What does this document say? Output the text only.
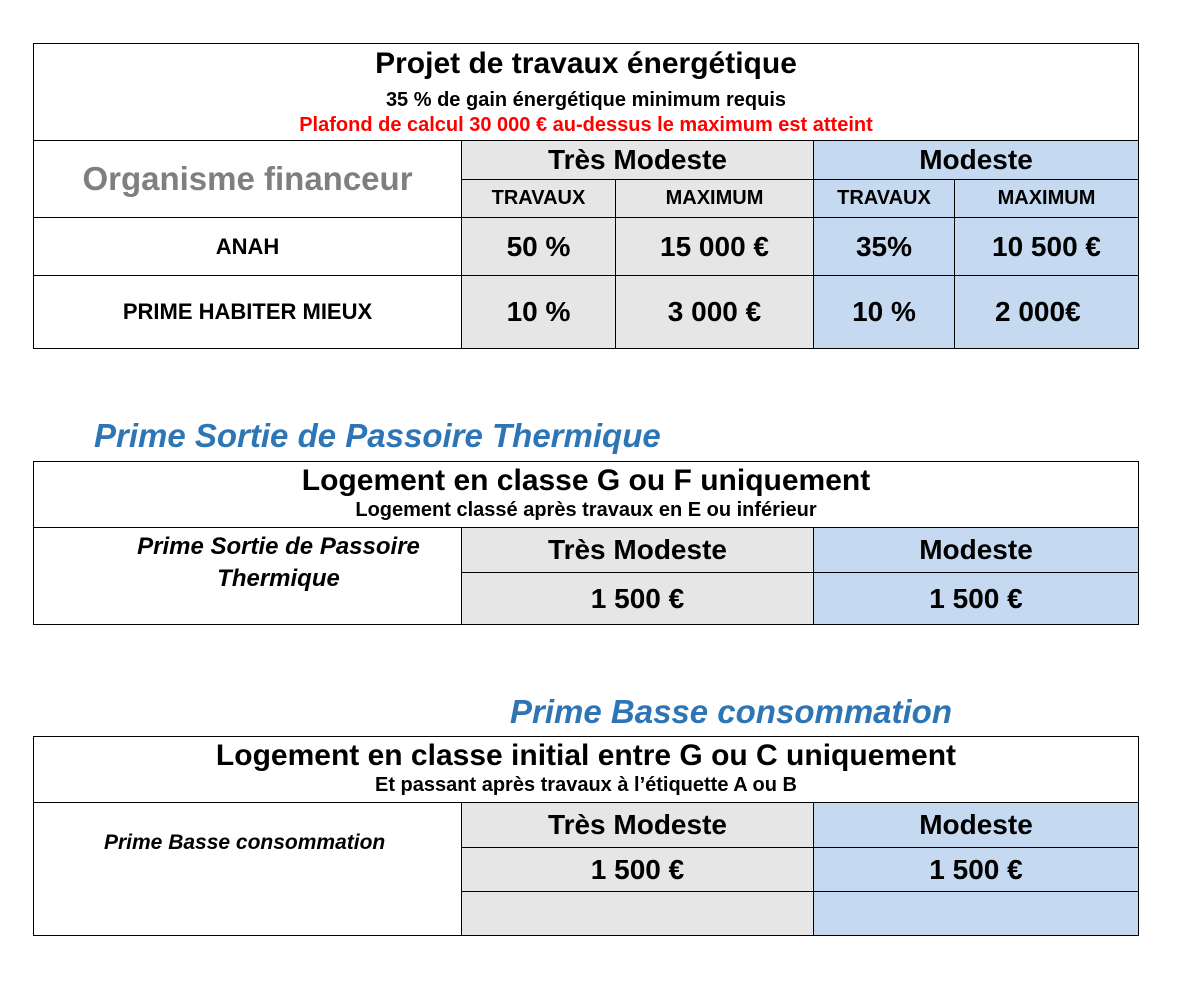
Projet de travaux énergétique
35 % de gain énergétique minimum requis
Plafond de calcul 30 000 € au-dessus le maximum est atteint
Organisme financeur
Très Modeste	Modeste
TRAVAUX	MAXIMUM	TRAVAUX	MAXIMUM
ANAH	50 %	15 000 €	35%	10 500 €
PRIME HABITER MIEUX	10 %	3 000 €	10 %	2 000€
Prime Sortie de Passoire Thermique
Logement en classe G ou F uniquement
Logement classé après travaux en E ou inférieur
Prime Sortie de Passoire Thermique
Très Modeste	Modeste
1 500 €	1 500 €
Prime Basse consommation
Logement en classe initial entre G ou C uniquement
Et passant après travaux à l’étiquette A ou B
Prime Basse consommation
Très Modeste	Modeste
1 500 €	1 500 €
